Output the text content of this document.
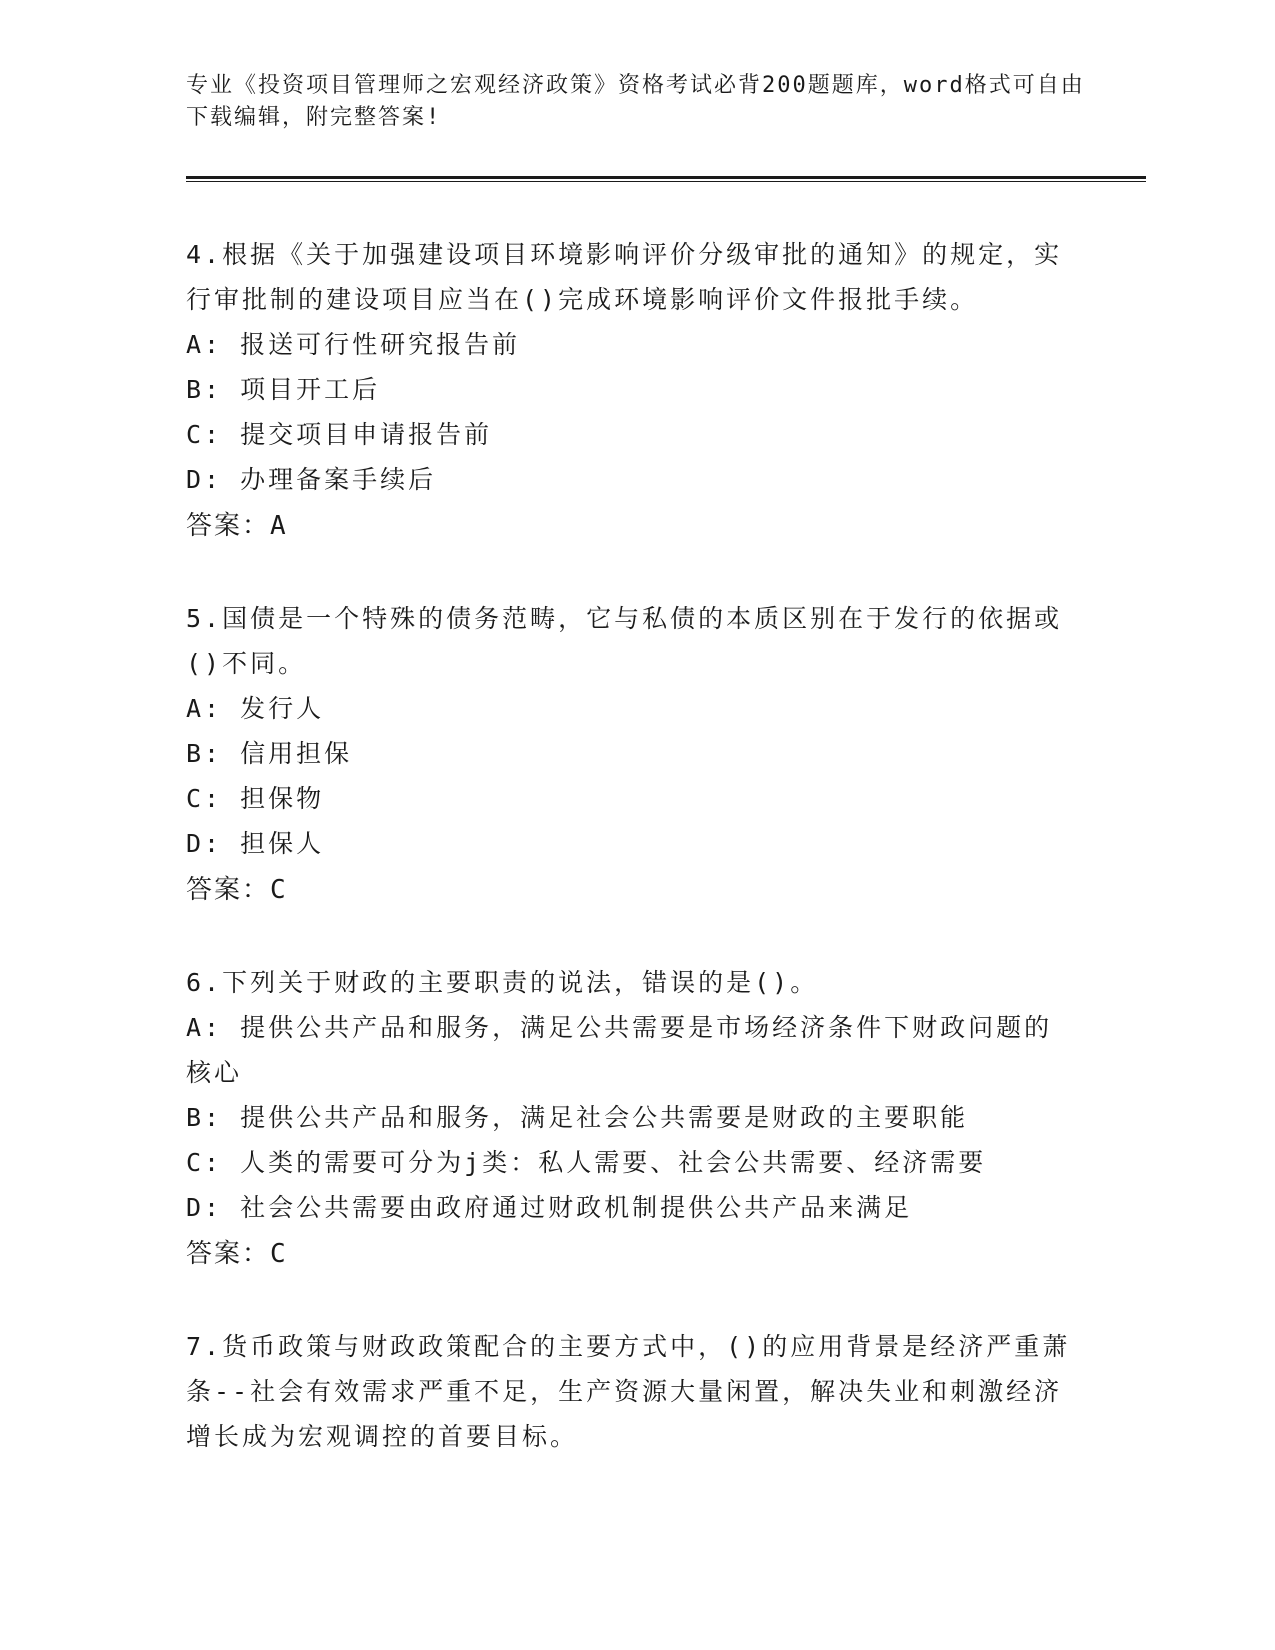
专业《投资项目管理师之宏观经济政策》资格考试必背200题题库，word格式可自由下载编辑，附完整答案!
4.根据《关于加强建设项目环境影响评价分级审批的通知》的规定，实行审批制的建设项目应当在()完成环境影响评价文件报批手续。
A: 报送可行性研究报告前
B: 项目开工后
C: 提交项目申请报告前
D: 办理备案手续后
答案：A
5.国债是一个特殊的债务范畴，它与私债的本质区别在于发行的依据或()不同。
A: 发行人
B: 信用担保
C: 担保物
D: 担保人
答案：C
6.下列关于财政的主要职责的说法，错误的是()。
A: 提供公共产品和服务，满足公共需要是市场经济条件下财政问题的核心
B: 提供公共产品和服务，满足社会公共需要是财政的主要职能
C: 人类的需要可分为j类：私人需要、社会公共需要、经济需要
D: 社会公共需要由政府通过财政机制提供公共产品来满足
答案：C
7.货币政策与财政政策配合的主要方式中，()的应用背景是经济严重萧条--社会有效需求严重不足，生产资源大量闲置，解决失业和刺激经济增长成为宏观调控的首要目标。
